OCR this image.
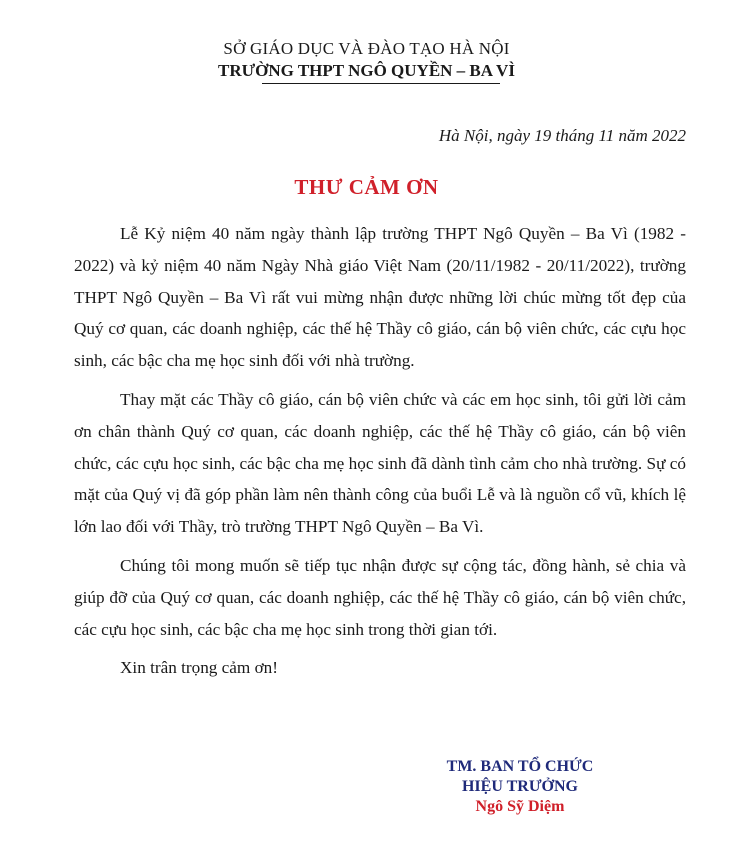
SỞ GIÁO DỤC VÀ ĐÀO TẠO HÀ NỘI
TRƯỜNG THPT NGÔ QUYỀN – BA VÌ
Hà Nội, ngày 19 tháng 11 năm 2022
THƯ CẢM ƠN

Lễ Kỷ niệm 40 năm ngày thành lập trường THPT Ngô Quyền – Ba Vì (1982 - 2022) và kỷ niệm 40 năm Ngày Nhà giáo Việt Nam (20/11/1982 - 20/11/2022), trường THPT Ngô Quyền – Ba Vì rất vui mừng nhận được những lời chúc mừng tốt đẹp của Quý cơ quan, các doanh nghiệp, các thế hệ Thầy cô giáo, cán bộ viên chức, các cựu học sinh, các bậc cha mẹ học sinh đối với nhà trường.

Thay mặt các Thầy cô giáo, cán bộ viên chức và các em học sinh, tôi gửi lời cảm ơn chân thành Quý cơ quan, các doanh nghiệp, các thế hệ Thầy cô giáo, cán bộ viên chức, các cựu học sinh, các bậc cha mẹ học sinh đã dành tình cảm cho nhà trường. Sự có mặt của Quý vị đã góp phần làm nên thành công của buổi Lễ và là nguồn cổ vũ, khích lệ lớn lao đối với Thầy, trò trường THPT Ngô Quyền – Ba Vì.

Chúng tôi mong muốn sẽ tiếp tục nhận được sự cộng tác, đồng hành, sẻ chia và giúp đỡ của Quý cơ quan, các doanh nghiệp, các thế hệ Thầy cô giáo, cán bộ viên chức, các cựu học sinh, các bậc cha mẹ học sinh trong thời gian tới.

Xin trân trọng cảm ơn!

TM. BAN TỔ CHỨC
HIỆU TRƯỞNG
Ngô Sỹ Diệm
